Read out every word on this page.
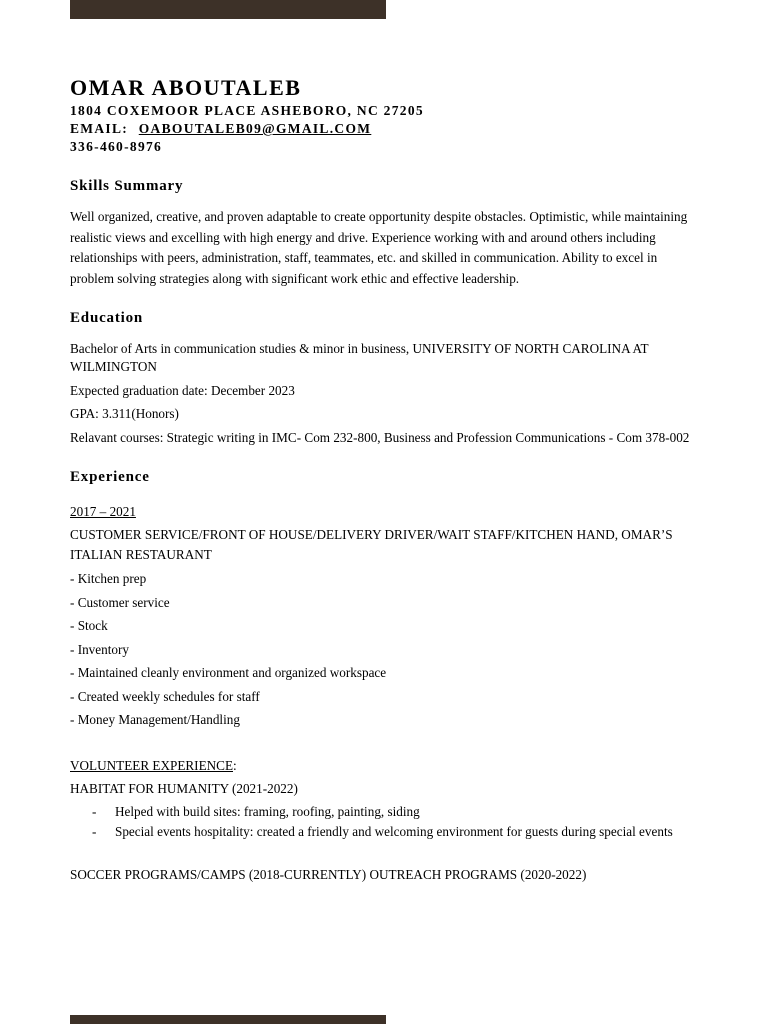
OMAR ABOUTALEB

1804 COXEMOOR PLACE ASHEBORO, NC 27205

EMAIL: OABOUTALEB09@GMAIL.COM

336-460-8976

Skills Summary

Well organized, creative, and proven adaptable to create opportunity despite obstacles. Optimistic, while maintaining realistic views and excelling with high energy and drive. Experience working with and around others including relationships with peers, administration, staff, teammates, etc. and skilled in communication. Ability to excel in problem solving strategies along with significant work ethic and effective leadership.

Education

Bachelor of Arts in communication studies & minor in business, UNIVERSITY OF NORTH CAROLINA AT WILMINGTON

Expected graduation date: December 2023

GPA: 3.311(Honors)

Relavant courses: Strategic writing in IMC- Com 232-800, Business and Profession Communications - Com 378-002

Experience

2017 – 2021

CUSTOMER SERVICE/FRONT OF HOUSE/DELIVERY DRIVER/WAIT STAFF/KITCHEN HAND, OMAR’S ITALIAN RESTAURANT

- Kitchen prep

- Customer service

- Stock

- Inventory

- Maintained cleanly environment and organized workspace

- Created weekly schedules for staff

- Money Management/Handling

VOLUNTEER EXPERIENCE:

HABITAT FOR HUMANITY (2021-2022)

- Helped with build sites: framing, roofing, painting, siding
- Special events hospitality: created a friendly and welcoming environment for guests during special events

SOCCER PROGRAMS/CAMPS (2018-CURRENTLY) OUTREACH PROGRAMS (2020-2022)
